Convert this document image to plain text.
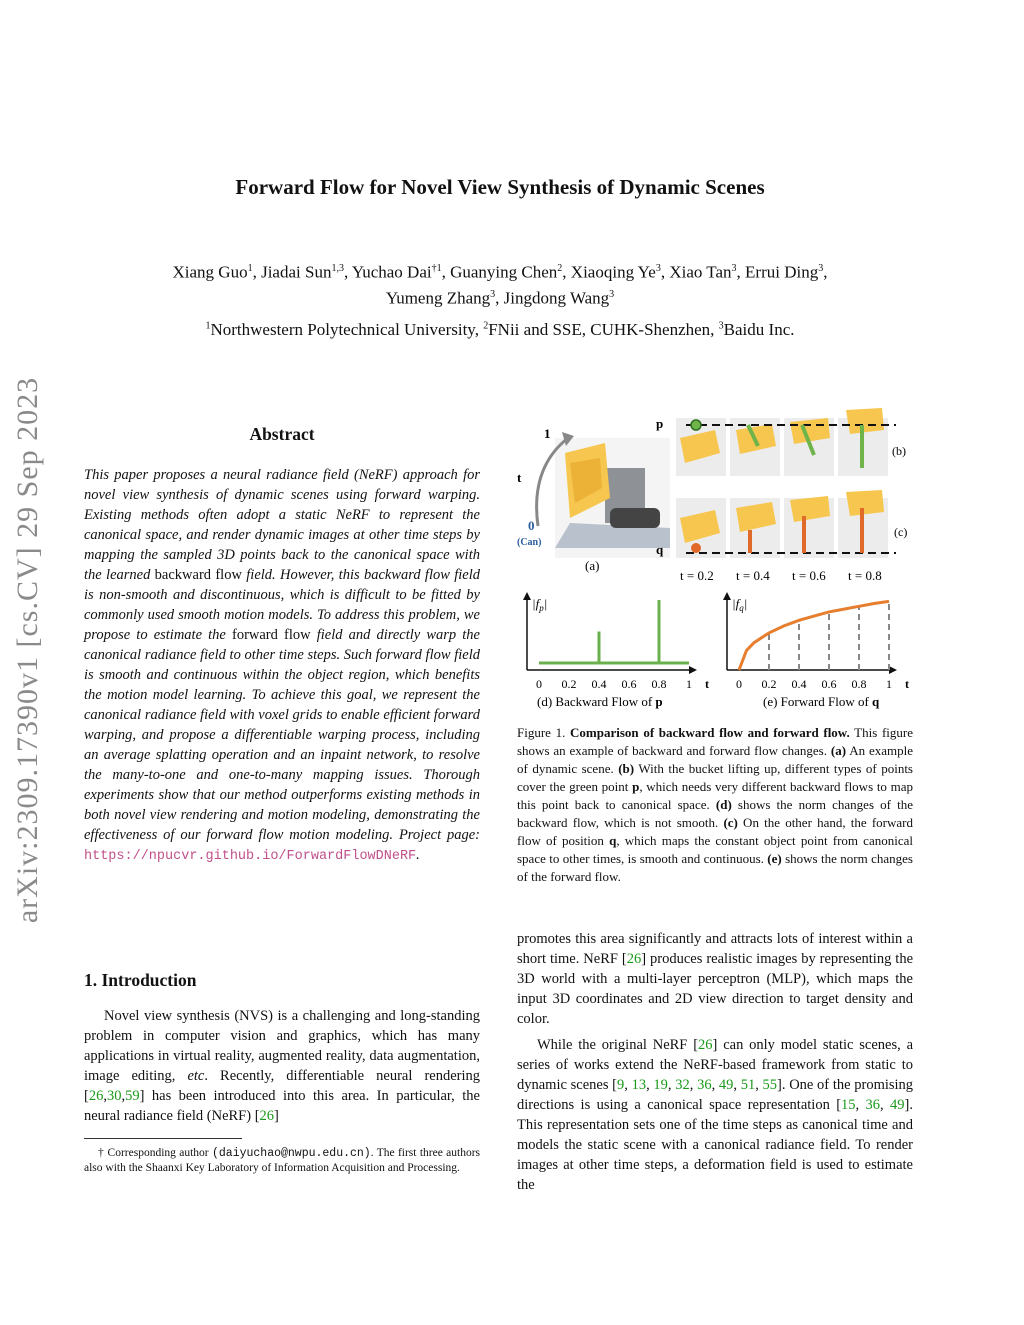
arXiv:2309.17390v1 [cs.CV] 29 Sep 2023
Forward Flow for Novel View Synthesis of Dynamic Scenes
Xiang Guo$^1$, Jiadai Sun$^{1,3}$, Yuchao Dai$^{\dagger 1}$, Guanying Chen$^2$, Xiaoqing Ye$^3$, Xiao Tan$^3$, Errui Ding$^3$,
Yumeng Zhang$^3$, Jingdong Wang$^3$
$^1$Northwestern Polytechnical University, $^2$FNii and SSE, CUHK-Shenzhen, $^3$Baidu Inc.
Abstract
This paper proposes a neural radiance field (NeRF) approach for novel view synthesis of dynamic scenes using forward warping. Existing methods often adopt a static NeRF to represent the canonical space, and render dynamic images at other time steps by mapping the sampled 3D points back to the canonical space with the learned backward flow field. However, this backward flow field is non-smooth and discontinuous, which is difficult to be fitted by commonly used smooth motion models. To address this problem, we propose to estimate the forward flow field and directly warp the canonical radiance field to other time steps. Such forward flow field is smooth and continuous within the object region, which benefits the motion model learning. To achieve this goal, we represent the canonical radiance field with voxel grids to enable efficient forward warping, and propose a differentiable warping process, including an average splatting operation and an inpaint network, to resolve the many-to-one and one-to-many mapping issues. Thorough experiments show that our method outperforms existing methods in both novel view rendering and motion modeling, demonstrating the effectiveness of our forward flow motion modeling. Project page: https://npucvr.github.io/ForwardFlowDNeRF.
1. Introduction
Novel view synthesis (NVS) is a challenging and long-standing problem in computer vision and graphics, which has many applications in virtual reality, augmented reality, data augmentation, image editing, etc. Recently, differentiable neural rendering [26,30,59] has been introduced into this area. In particular, the neural radiance field (NeRF) [26]
† Corresponding author (daiyuchao@nwpu.edu.cn). The first three authors also with the Shaanxi Key Laboratory of Information Acquisition and Processing.
1
t
0
(Can)
(a)
p
(b)
q
(c)
t = 0.2 t = 0.4 t = 0.6 t = 0.8
$|f_p|$
0 0.2 0.4 0.6 0.8 1 t
(d) Backward Flow of p
$|f_q|$
0 0.2 0.4 0.6 0.8 1 t
(e) Forward Flow of q
Figure 1. Comparison of backward flow and forward flow. This figure shows an example of backward and forward flow changes. (a) An example of dynamic scene. (b) With the bucket lifting up, different types of points cover the green point p, which needs very different backward flows to map this point back to canonical space. (d) shows the norm changes of the backward flow, which is not smooth. (c) On the other hand, the forward flow of position q, which maps the constant object point from canonical space to other times, is smooth and continuous. (e) shows the norm changes of the forward flow.

promotes this area significantly and attracts lots of interest within a short time. NeRF [26] produces realistic images by representing the 3D world with a multi-layer perceptron (MLP), which maps the input 3D coordinates and 2D view direction to target density and color.

While the original NeRF [26] can only model static scenes, a series of works extend the NeRF-based framework from static to dynamic scenes [9, 13, 19, 32, 36, 49, 51, 55]. One of the promising directions is using a canonical space representation [15, 36, 49]. This representation sets one of the time steps as canonical time and models the static scene with a canonical radiance field. To render images at other time steps, a deformation field is used to estimate the
